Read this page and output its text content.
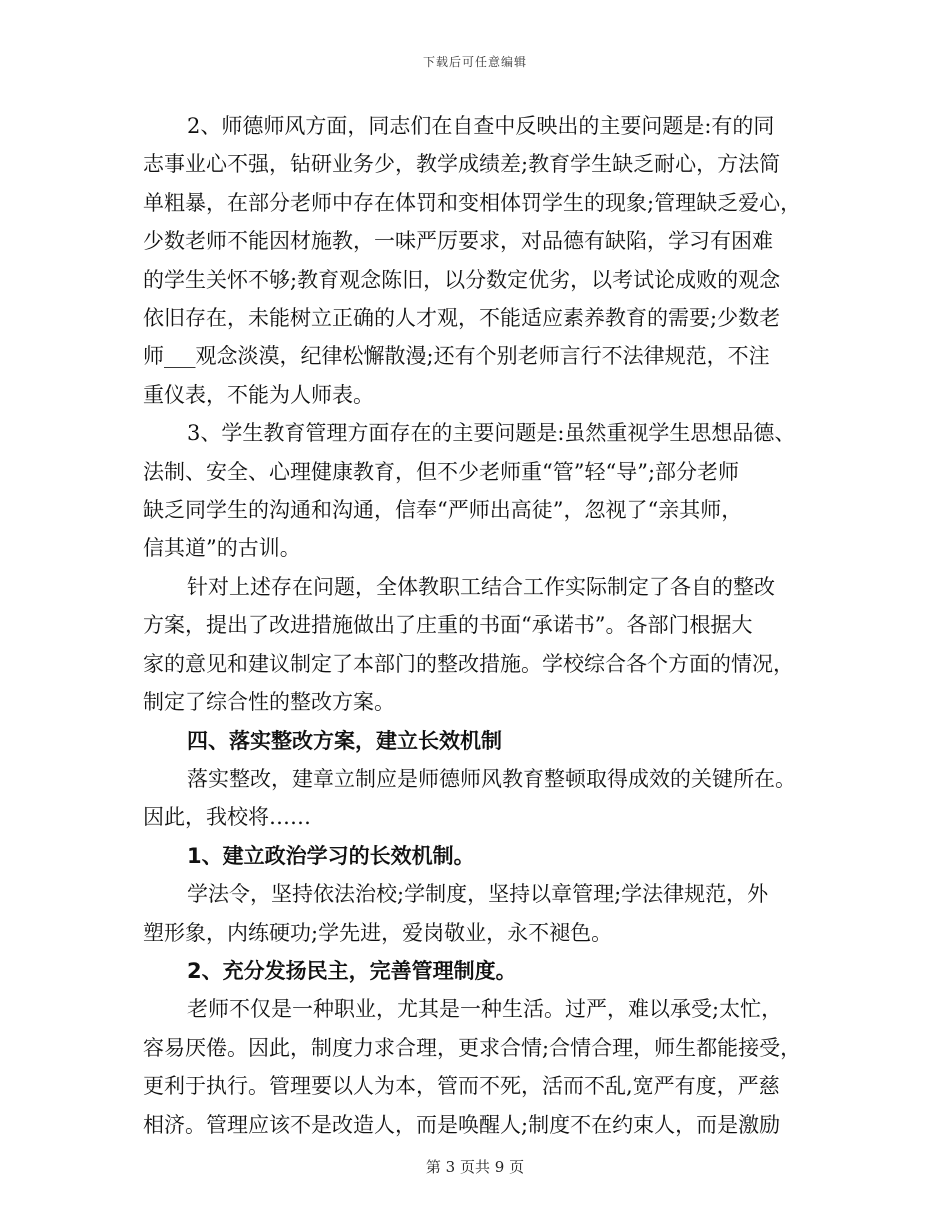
下载后可任意编辑
2、师德师风方面，同志们在自查中反映出的主要问题是:有的同
志事业心不强，钻研业务少，教学成绩差;教育学生缺乏耐心，方法简
单粗暴，在部分老师中存在体罚和变相体罚学生的现象;管理缺乏爱心，
少数老师不能因材施教，一味严厉要求，对品德有缺陷，学习有困难
的学生关怀不够;教育观念陈旧，以分数定优劣，以考试论成败的观念
依旧存在，未能树立正确的人才观，不能适应素养教育的需要;少数老
师___观念淡漠，纪律松懈散漫;还有个别老师言行不法律规范，不注
重仪表，不能为人师表。
3、学生教育管理方面存在的主要问题是:虽然重视学生思想品德、
法制、安全、心理健康教育，但不少老师重“管”轻“导”;部分老师
缺乏同学生的沟通和沟通，信奉“严师出高徒”，忽视了“亲其师，
信其道”的古训。
针对上述存在问题，全体教职工结合工作实际制定了各自的整改
方案，提出了改进措施做出了庄重的书面“承诺书”。各部门根据大
家的意见和建议制定了本部门的整改措施。学校综合各个方面的情况，
制定了综合性的整改方案。
四、落实整改方案，建立长效机制
落实整改，建章立制应是师德师风教育整顿取得成效的关键所在。
因此，我校将……
1、建立政治学习的长效机制。
学法令，坚持依法治校;学制度，坚持以章管理;学法律规范，外
塑形象，内练硬功;学先进，爱岗敬业，永不褪色。
2、充分发扬民主，完善管理制度。
老师不仅是一种职业，尤其是一种生活。过严，难以承受;太忙，
容易厌倦。因此，制度力求合理，更求合情;合情合理，师生都能接受，
更利于执行。管理要以人为本，管而不死，活而不乱,宽严有度，严慈
相济。管理应该不是改造人，而是唤醒人;制度不在约束人，而是激励
第 3 页共 9 页
